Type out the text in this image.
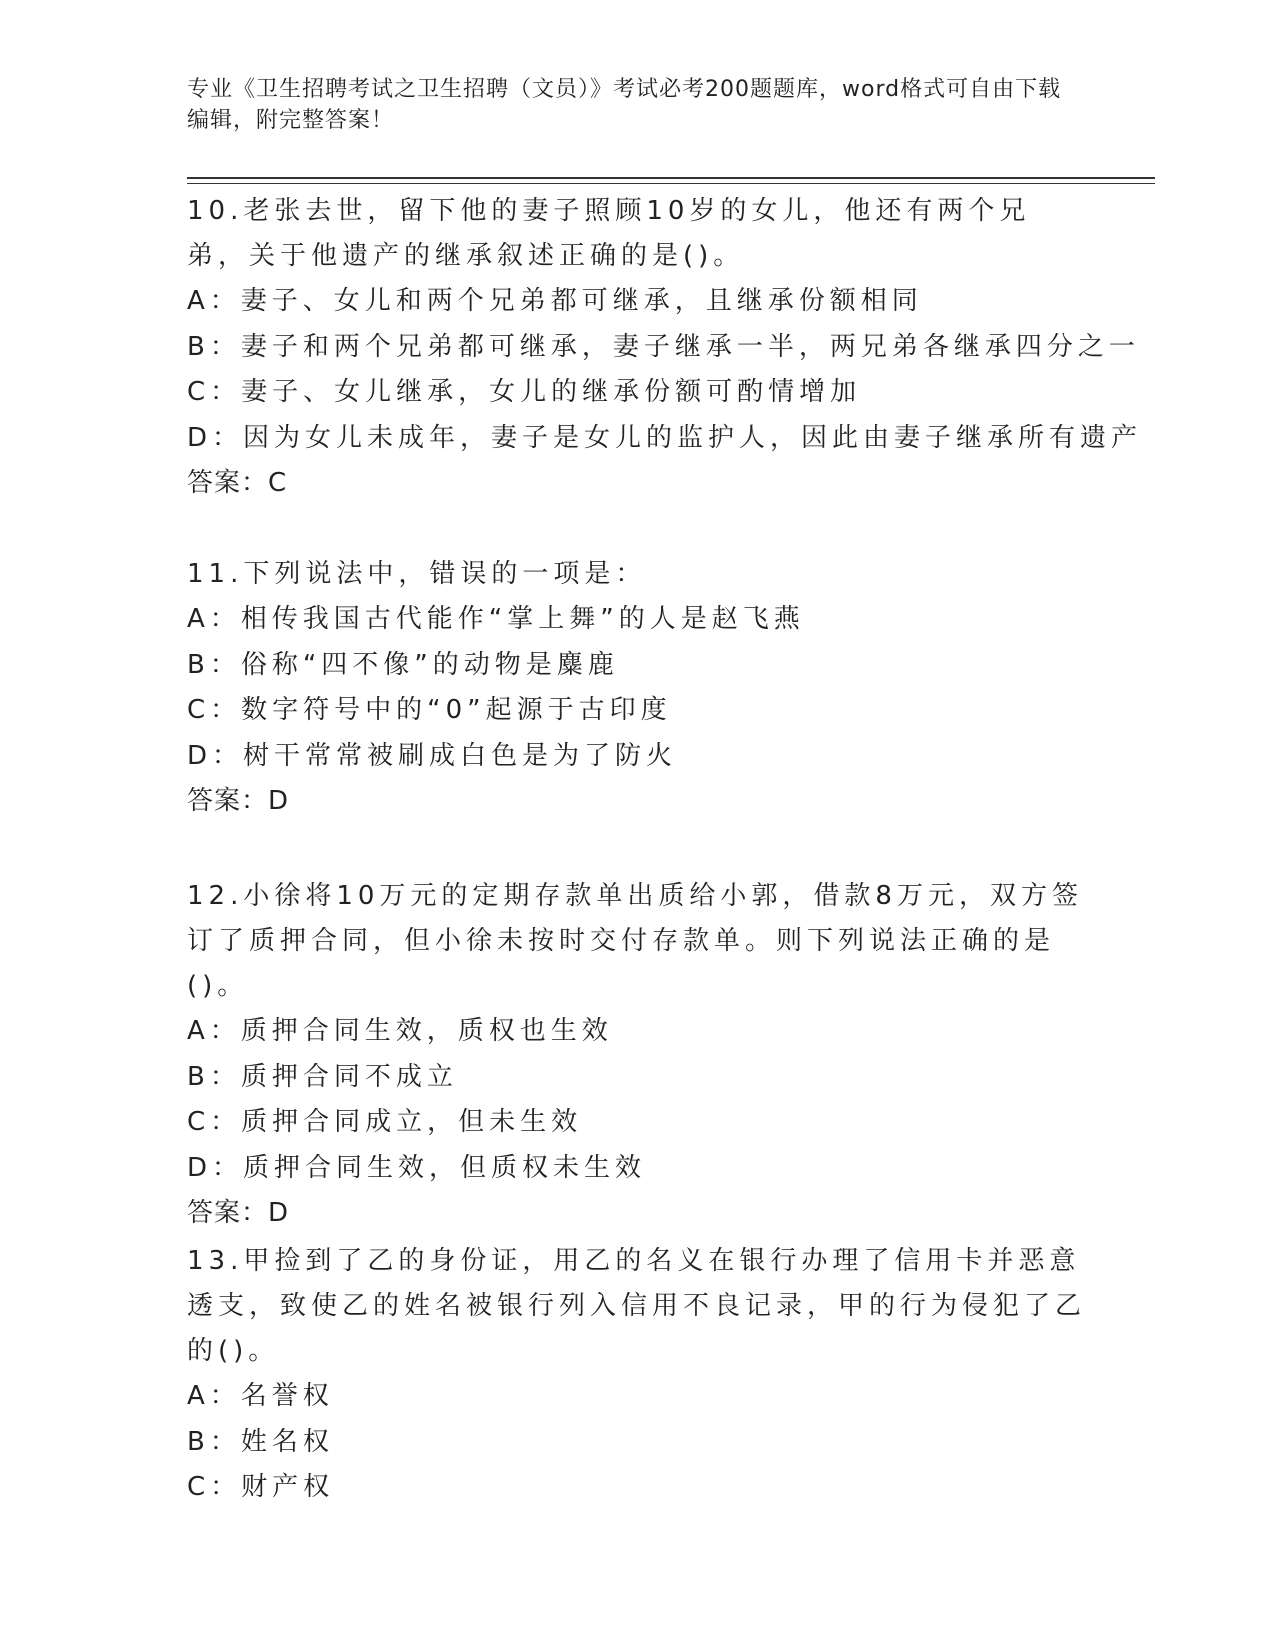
专业《卫生招聘考试之卫生招聘（文员）》考试必考200题题库，word格式可自由下载编辑，附完整答案！
10.老张去世，留下他的妻子照顾10岁的女儿，他还有两个兄弟，关于他遗产的继承叙述正确的是()。
A：妻子、女儿和两个兄弟都可继承，且继承份额相同
B：妻子和两个兄弟都可继承，妻子继承一半，两兄弟各继承四分之一
C：妻子、女儿继承，女儿的继承份额可酌情增加
D：因为女儿未成年，妻子是女儿的监护人，因此由妻子继承所有遗产
答案：C
11.下列说法中，错误的一项是：
A：相传我国古代能作“掌上舞”的人是赵飞燕
B：俗称“四不像”的动物是麋鹿
C：数字符号中的“0”起源于古印度
D：树干常常被刷成白色是为了防火
答案：D
12.小徐将10万元的定期存款单出质给小郭，借款8万元，双方签订了质押合同，但小徐未按时交付存款单。则下列说法正确的是()。
A：质押合同生效，质权也生效
B：质押合同不成立
C：质押合同成立，但未生效
D：质押合同生效，但质权未生效
答案：D
13.甲捡到了乙的身份证，用乙的名义在银行办理了信用卡并恶意透支，致使乙的姓名被银行列入信用不良记录，甲的行为侵犯了乙的()。
A：名誉权
B：姓名权
C：财产权
